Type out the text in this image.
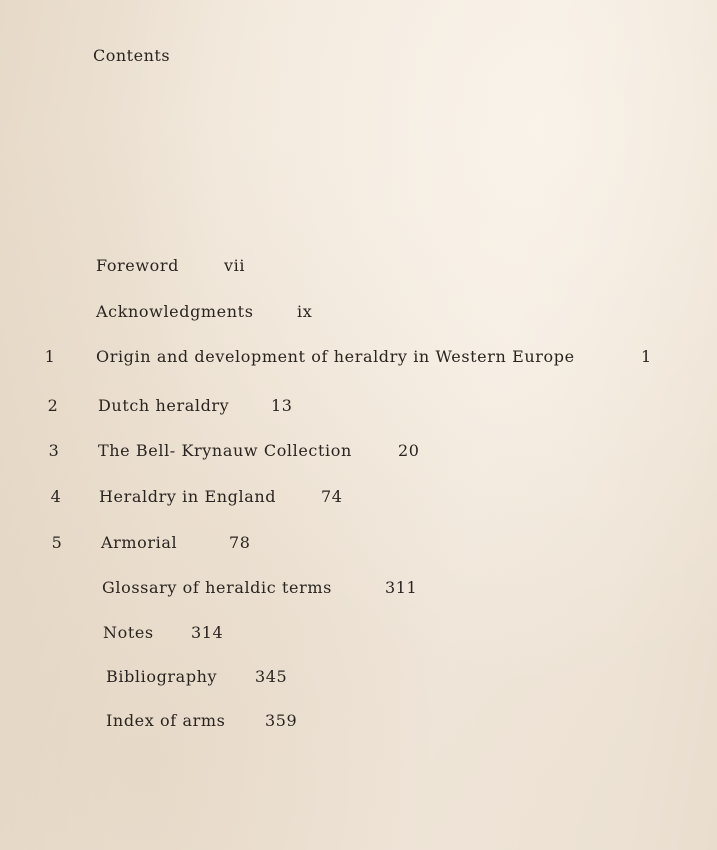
Contents
Foreword	vii
Acknowledgments	ix
1	Origin and development of heraldry in Western Europe	1
2 Dutch heraldry	13
3 The Bell- Krynauw Collection	20
4 Heraldry in England	74
5 Armorial	78
Glossary of heraldic terms	311
Notes 314
Bibliography 345
Index of arms 359
